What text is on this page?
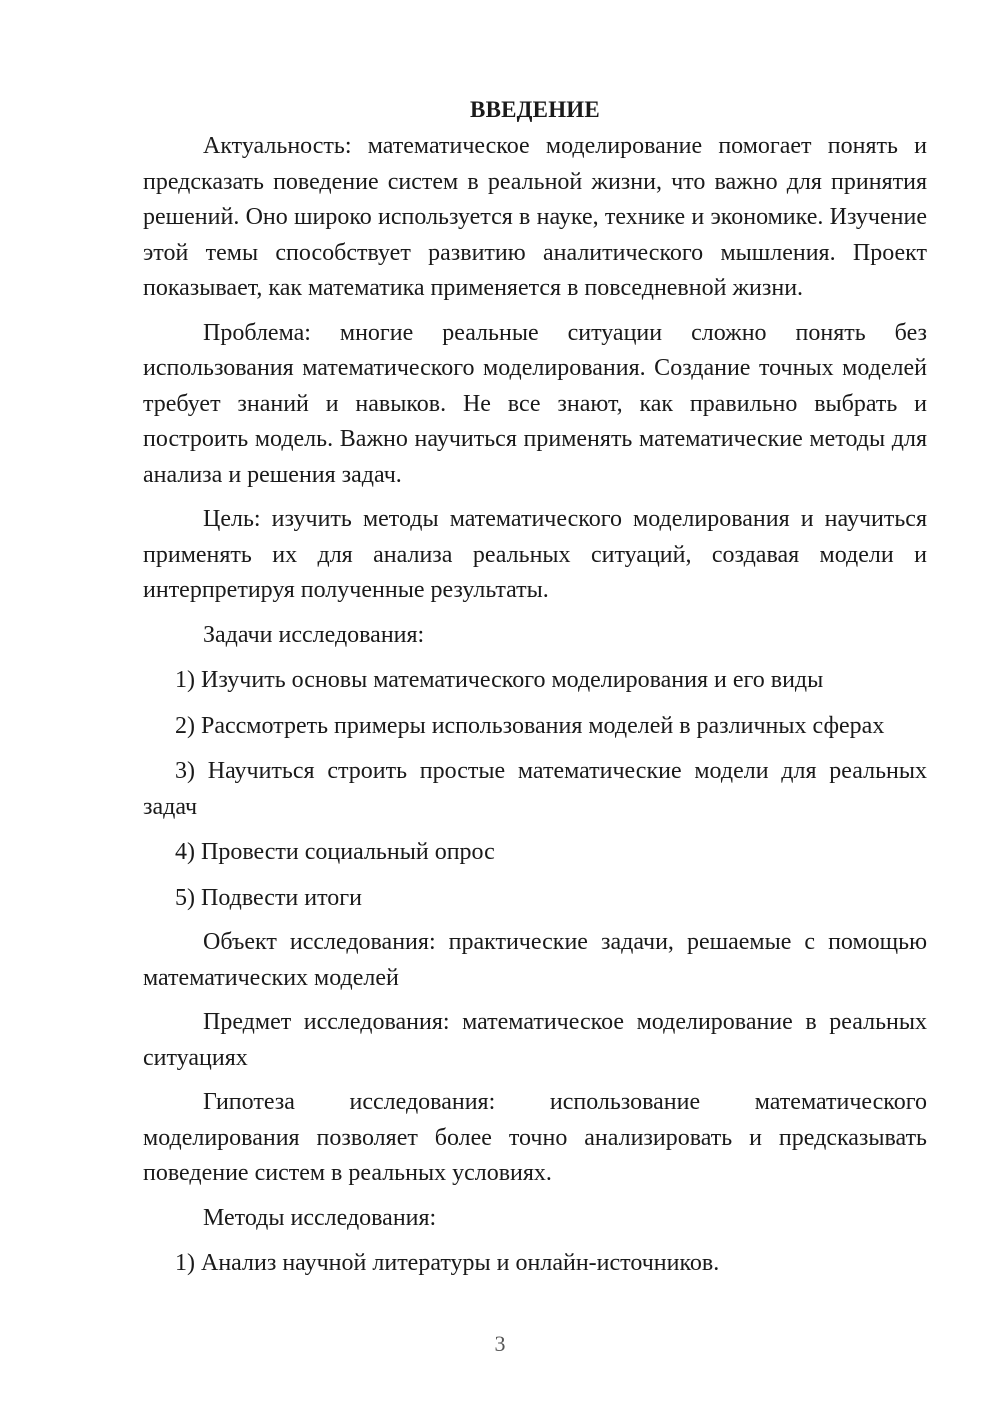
ВВЕДЕНИЕ

Актуальность: математическое моделирование помогает понять и предсказать поведение систем в реальной жизни, что важно для принятия решений. Оно широко используется в науке, технике и экономике. Изучение этой темы способствует развитию аналитического мышления. Проект показывает, как математика применяется в повседневной жизни.

Проблема: многие реальные ситуации сложно понять без использования математического моделирования. Создание точных моделей требует знаний и навыков. Не все знают, как правильно выбрать и построить модель. Важно научиться применять математические методы для анализа и решения задач.

Цель: изучить методы математического моделирования и научиться применять их для анализа реальных ситуаций, создавая модели и интерпретируя полученные результаты.

Задачи исследования:

1) Изучить основы математического моделирования и его виды

2) Рассмотреть примеры использования моделей в различных сферах

3) Научиться строить простые математические модели для реальных задач

4) Провести социальный опрос

5) Подвести итоги

Объект исследования: практические задачи, решаемые с помощью математических моделей

Предмет исследования: математическое моделирование в реальных ситуациях

Гипотеза исследования: использование математического моделирования позволяет более точно анализировать и предсказывать поведение систем в реальных условиях.

Методы исследования:

1) Анализ научной литературы и онлайн-источников.

3
